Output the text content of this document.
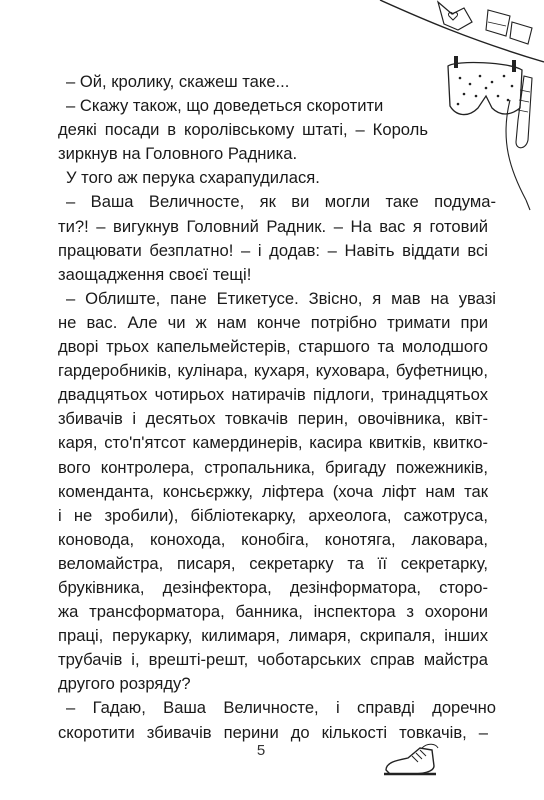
– Ой, кролику, скажеш таке...
– Скажу також, що доведеться скоротити
деякі посади в королівському штаті, – Король
зиркнув на Головного Радника.
У того аж перука схарапудилася.
– Ваша Величносте, як ви могли таке подума-
ти?! – вигукнув Головний Радник. – На вас я готовий
працювати безплатно! – і додав: – Навіть віддати всі
заощадження своєї тещі!
– Облиште, пане Етикетусе. Звісно, я мав на увазі
не вас. Але чи ж нам конче потрібно тримати при
дворі трьох капельмейстерів, старшого та молодшого
гардеробників, кулінара, кухаря, куховара, буфетницю,
двадцятьох чотирьох натирачів підлоги, тринадцятьох
збивачів і десятьох товкачів перин, овочівника, квіт-
каря, сто'п'ятсот камердинерів, касира квитків, квитко-
вого контролера, стропальника, бригаду пожежників,
коменданта, консьєржку, ліфтера (хоча ліфт нам так
і не зробили), бібліотекарку, археолога, сажотруса,
коновода, конохода, конобіга, конотяга, лаковара,
веломайстра, писаря, секретарку та її секретарку,
бруківника, дезінфектора, дезінформатора, сторо-
жа трансформатора, банника, інспектора з охорони
праці, перукарку, килимаря, лимаря, скрипаля, інших
трубачів і, врешті-решт, чоботарських справ майстра
другого розряду?
– Гадаю, Ваша Величносте, і справді доречно
скоротити збивачів перини до кількості товкачів, –
5
